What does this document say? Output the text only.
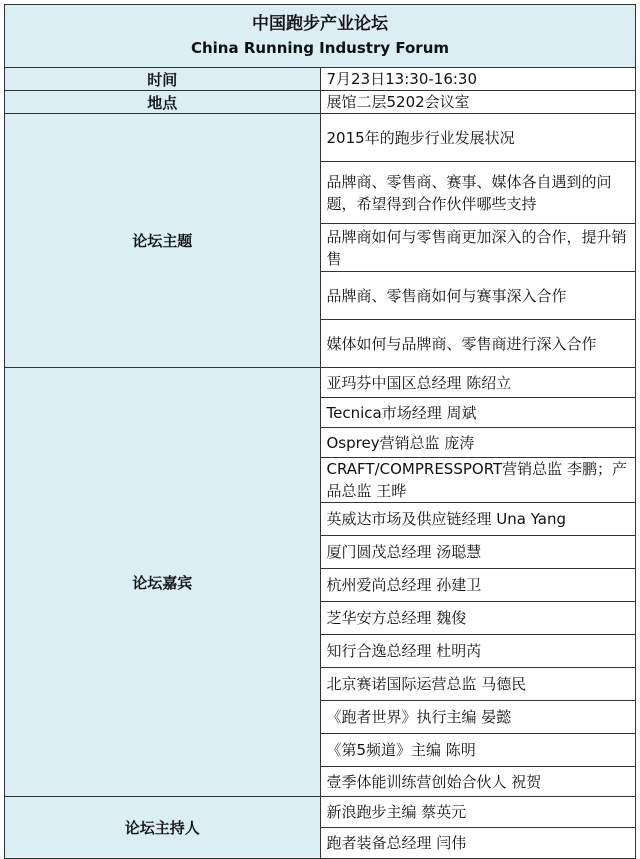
中国跑步产业论坛
China Running Industry Forum	

时间	7月23日13:30-16:30
地点	展馆二层5202会议室
论坛主题	2015年的跑步行业发展状况
	品牌商、零售商、赛事、媒体各自遇到的问题，希望得到合作伙伴哪些支持
	品牌商如何与零售商更加深入的合作，提升销售
	品牌商、零售商如何与赛事深入合作
	媒体如何与品牌商、零售商进行深入合作
论坛嘉宾	亚玛芬中国区总经理 陈绍立
	Tecnica市场经理 周斌
	Osprey营销总监 庞涛
	CRAFT/COMPRESSPORT营销总监 李鹏；产品总监 王晔
	英威达市场及供应链经理 Una Yang
	厦门圆茂总经理 汤聪慧
	杭州爱尚总经理 孙建卫
	芝华安方总经理 魏俊
	知行合逸总经理 杜明芮
	北京赛诺国际运营总监 马德民
	《跑者世界》执行主编 晏懿
	《第5频道》主编 陈明
	壹季体能训练营创始合伙人 祝贺
论坛主持人	新浪跑步主编 蔡英元
	跑者装备总经理 闫伟
